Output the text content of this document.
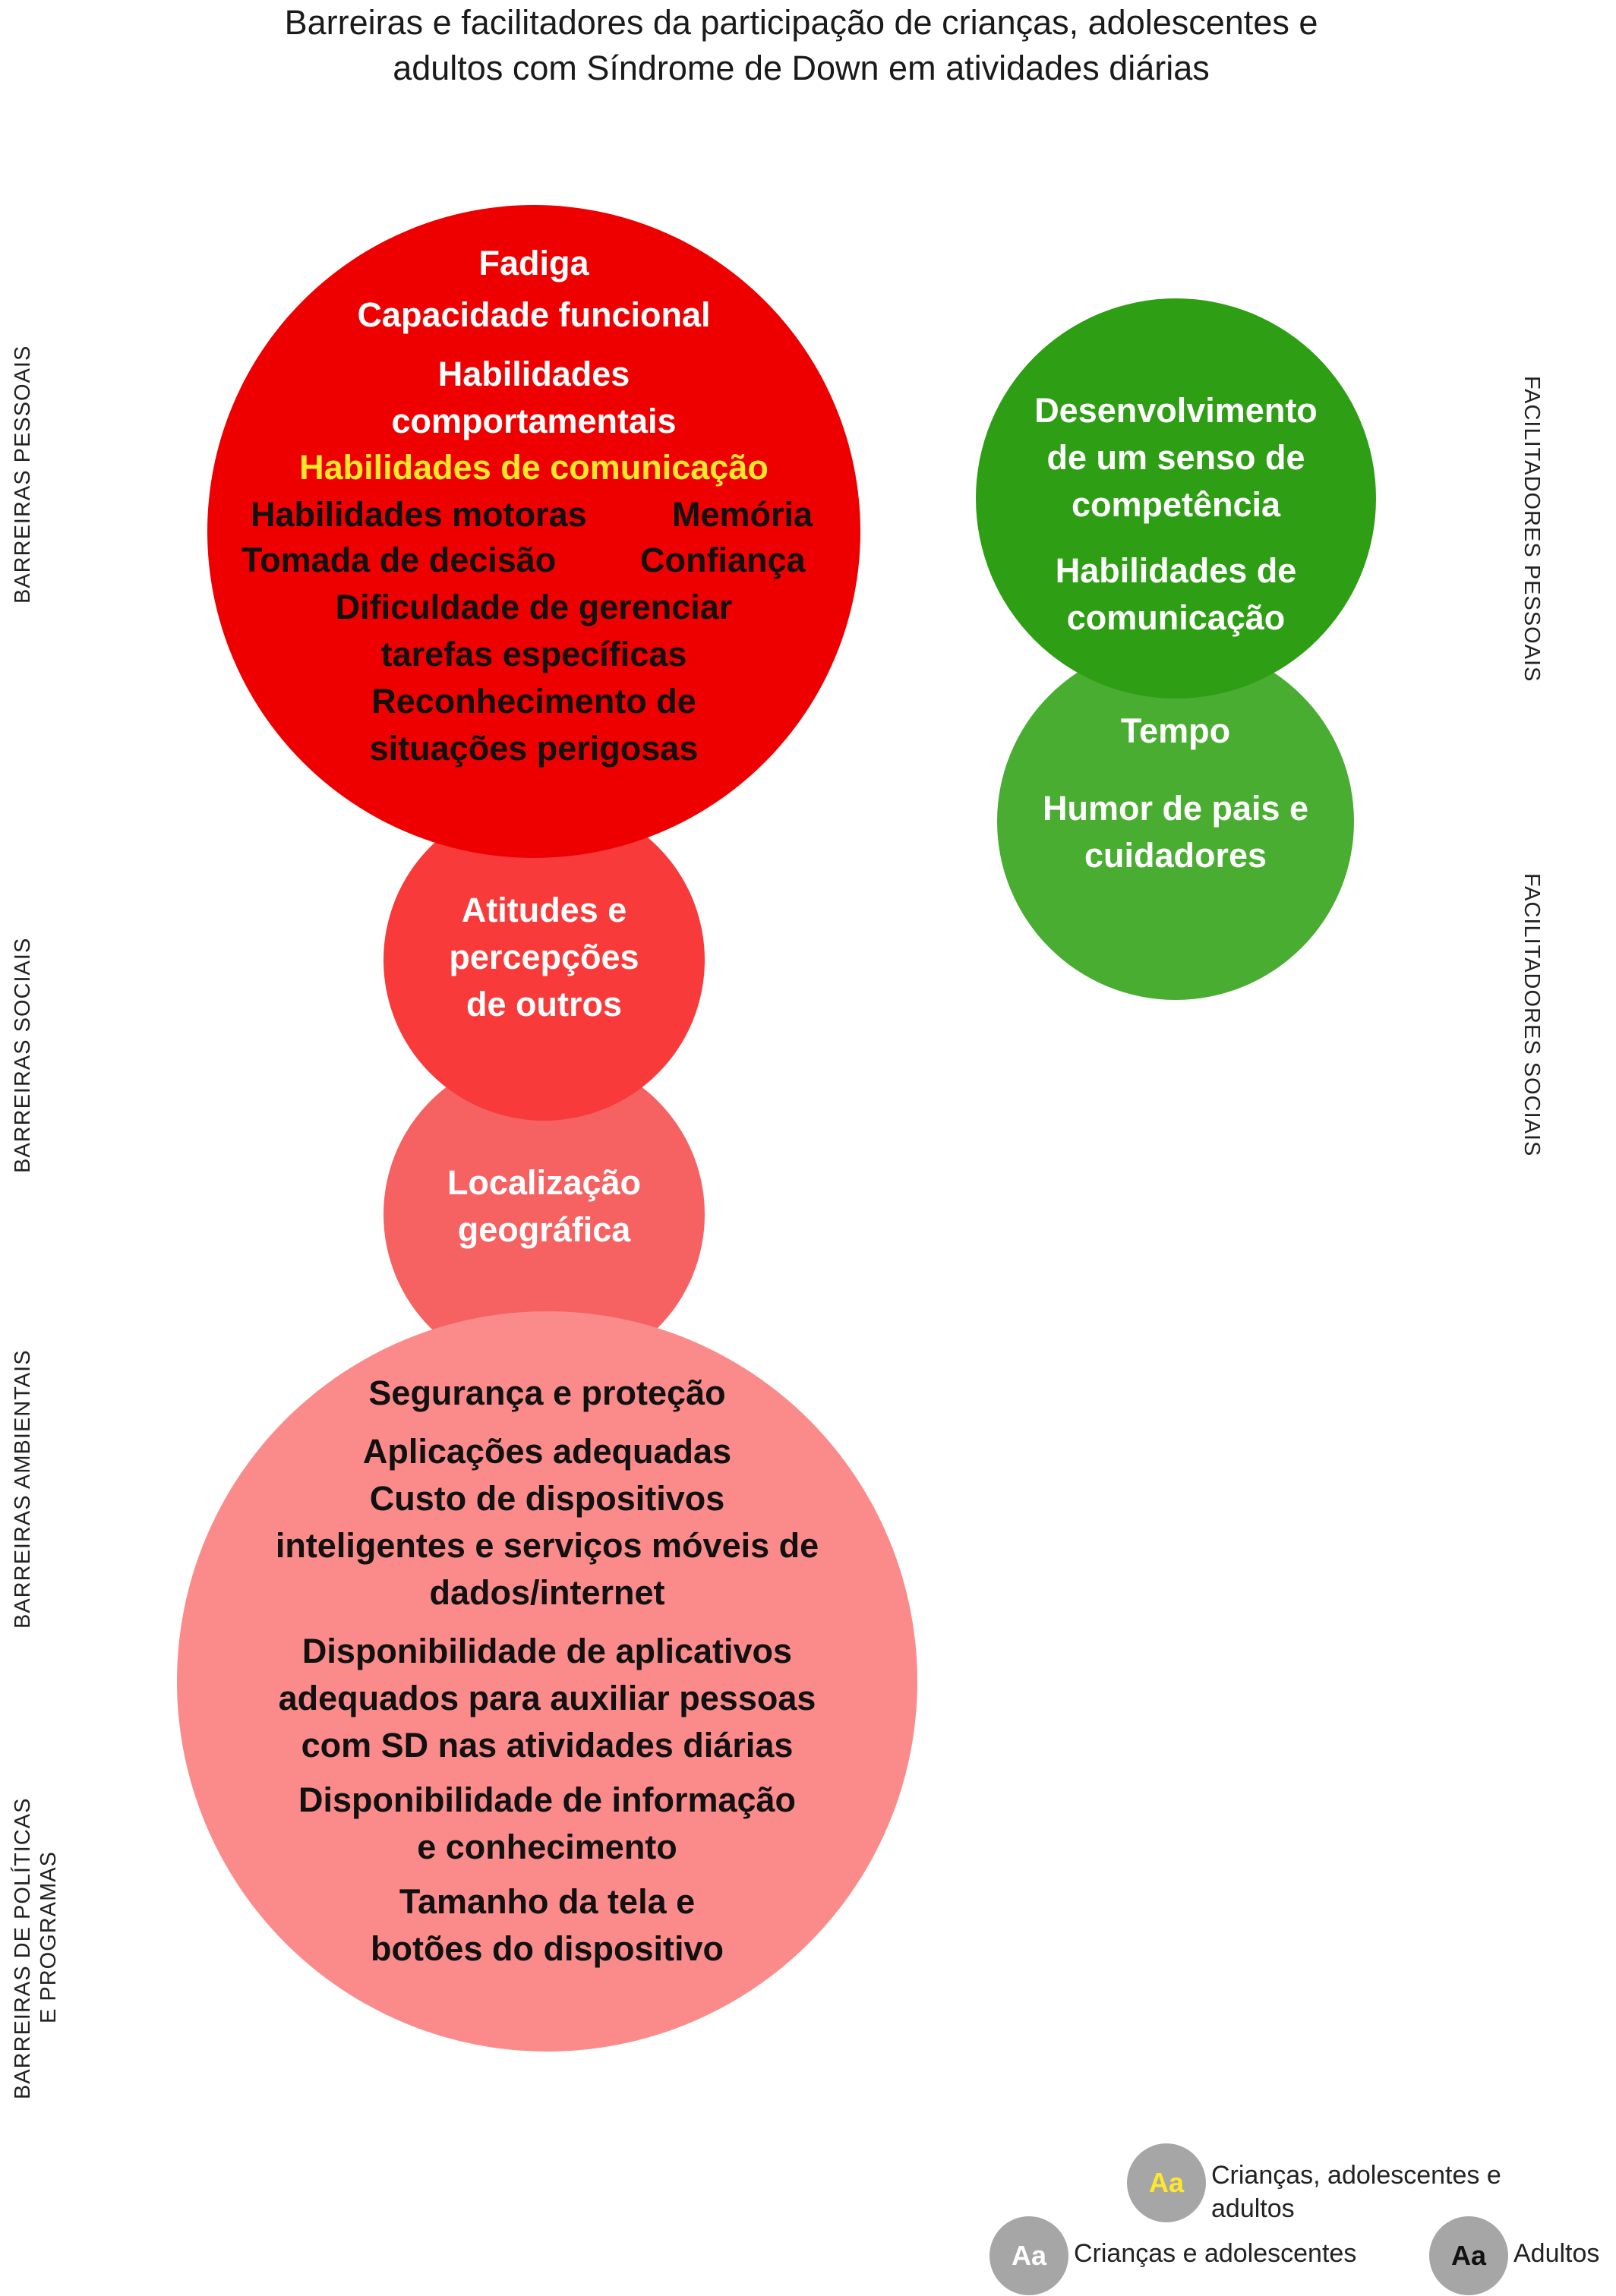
Barreiras e facilitadores da participação de crianças, adolescentes e
adultos com Síndrome de Down em atividades diárias
BARREIRAS PESSOAIS
BARREIRAS SOCIAIS
BARREIRAS AMBIENTAIS
BARREIRAS DE POLÍTICAS E PROGRAMAS
FACILITADORES PESSOAIS
FACILITADORES SOCIAIS
Fadiga
Capacidade funcional
Habilidades
comportamentais
Habilidades de comunicação
Habilidades motoras Memória
Tomada de decisão Confiança
Dificuldade de gerenciar
tarefas específicas
Reconhecimento de
situações perigosas
Atitudes e
percepções
de outros
Localização
geográfica
Segurança e proteção
Aplicações adequadas
Custo de dispositivos
inteligentes e serviços móveis de
dados/internet
Disponibilidade de aplicativos
adequados para auxiliar pessoas
com SD nas atividades diárias
Disponibilidade de informação
e conhecimento
Tamanho da tela e
botões do dispositivo
Desenvolvimento
de um senso de
competência
Habilidades de
comunicação
Tempo
Humor de pais e
cuidadores
Aa	Crianças, adolescentes e
adultos
Aa	Crianças e adolescentes	Aa	Adultos
